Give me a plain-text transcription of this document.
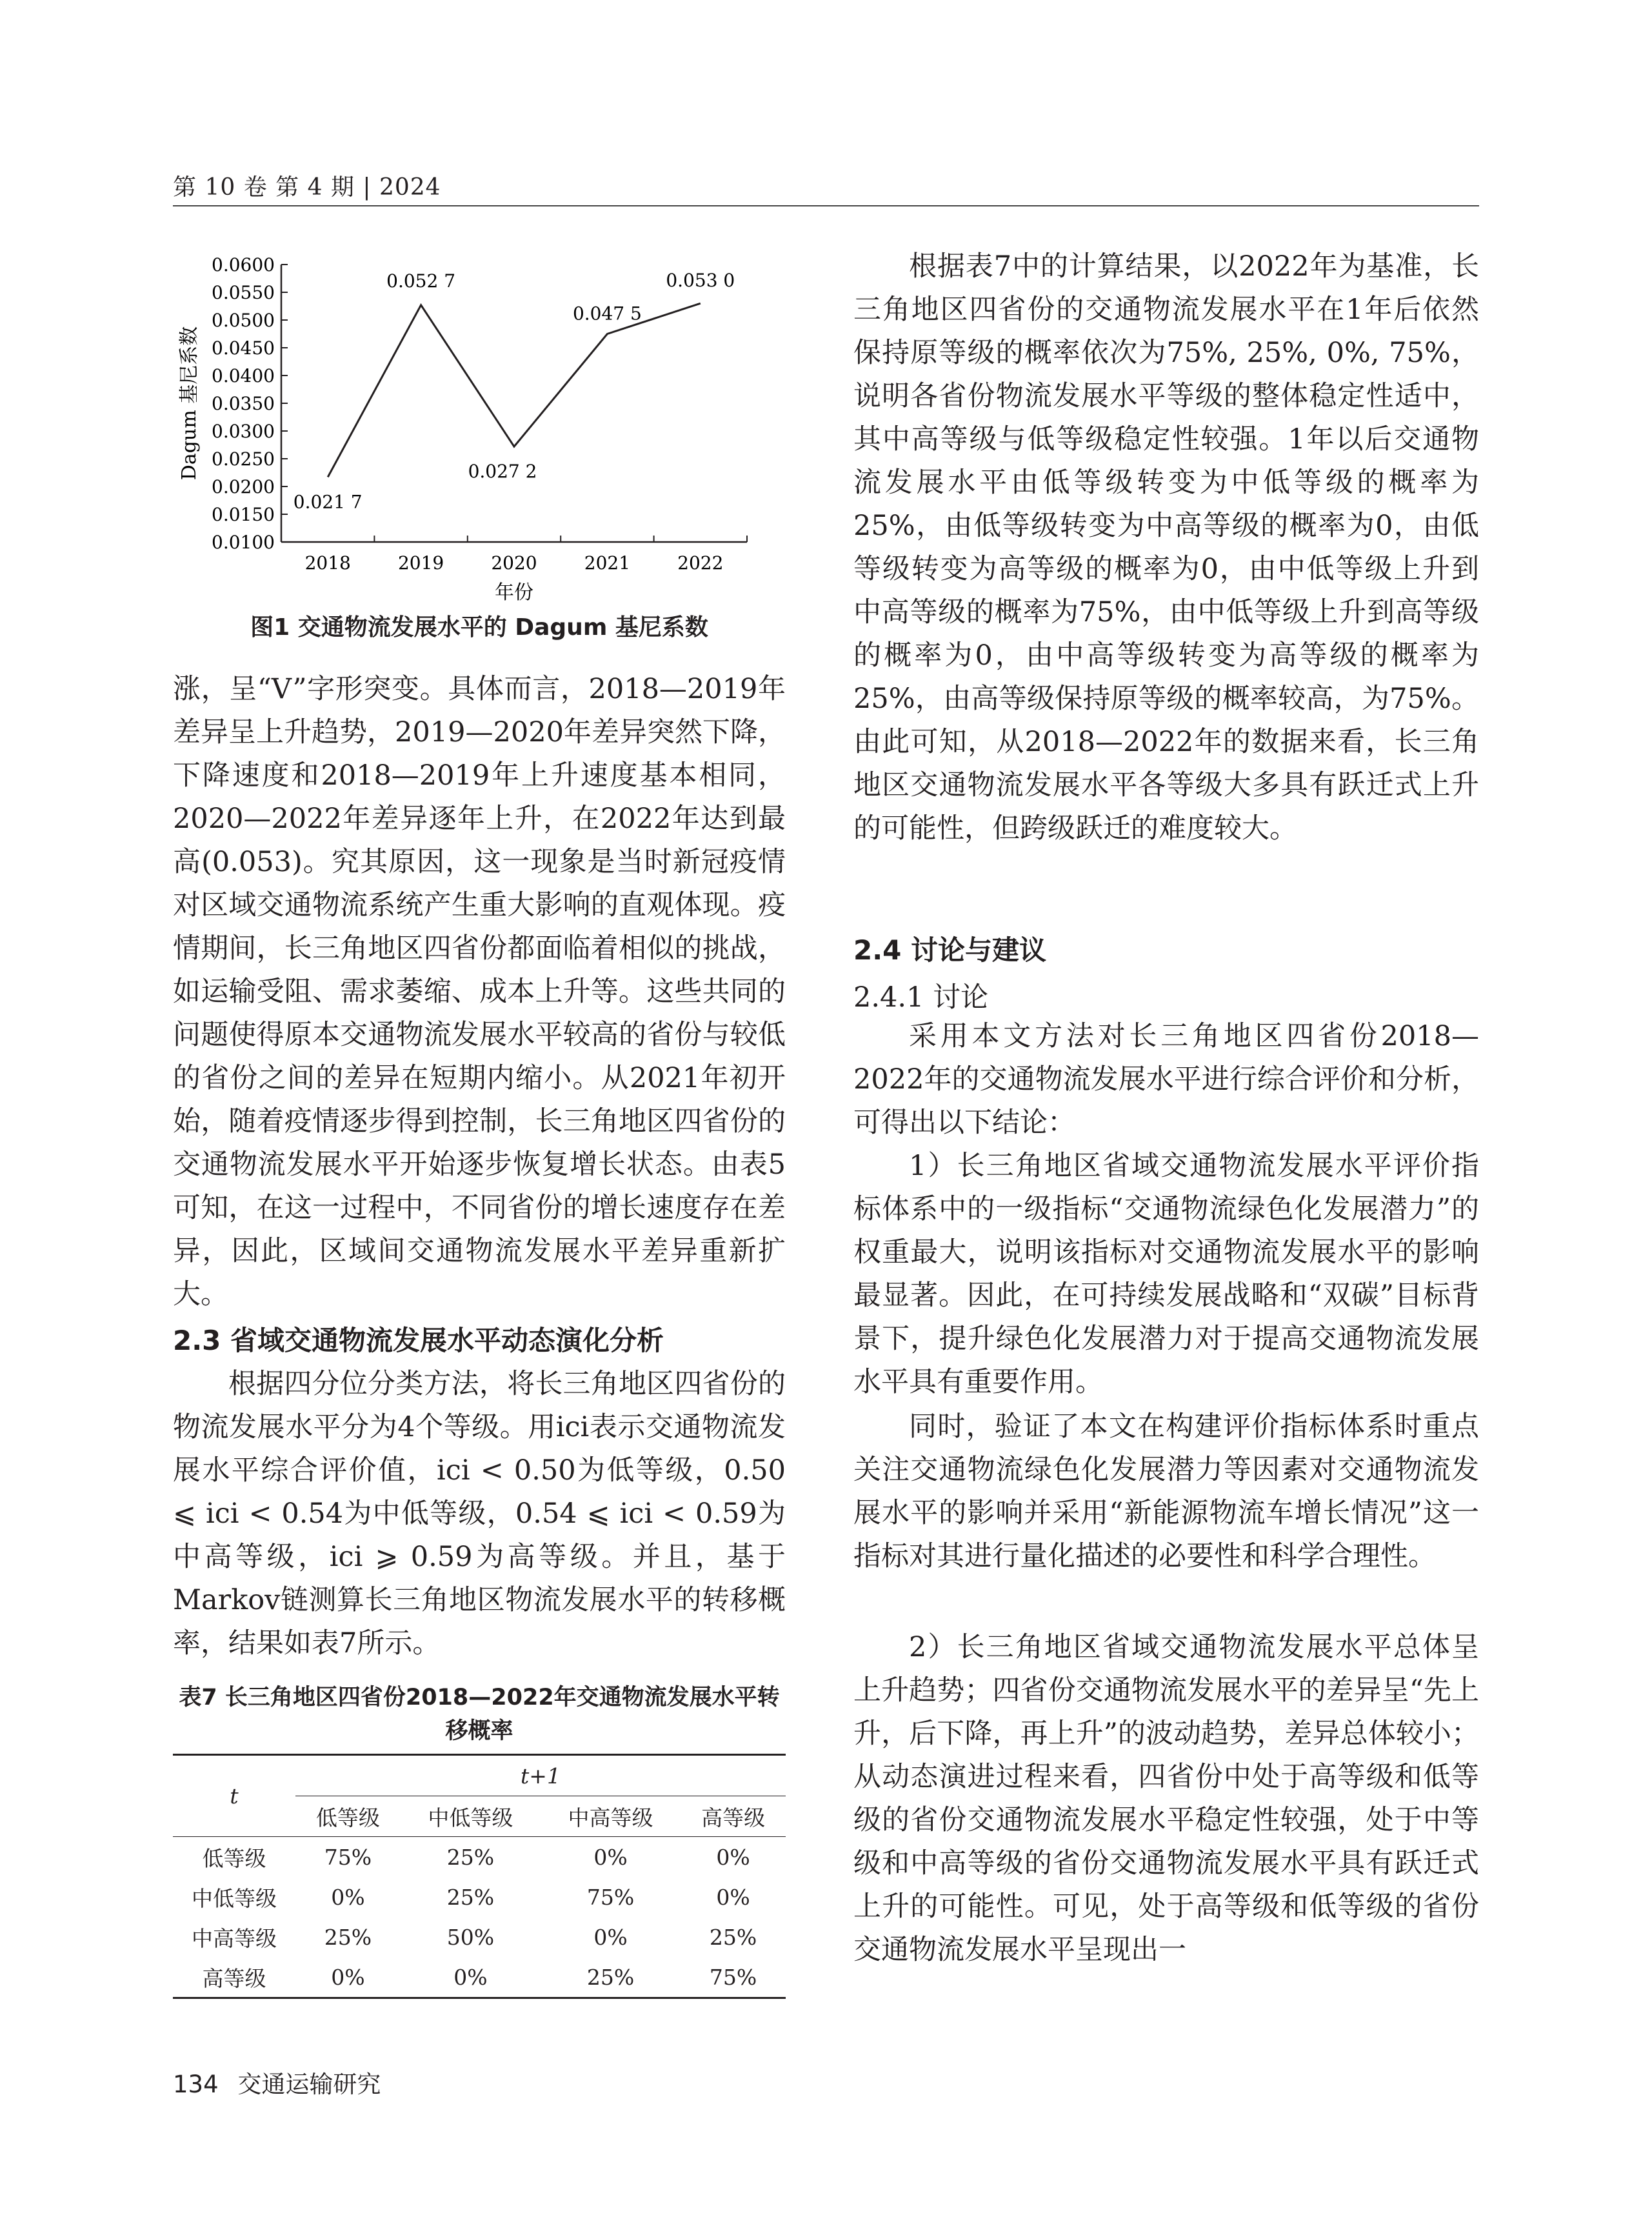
第 10 卷 第 4 期 | 2024
0.0100
0.0150
0.0200
0.0250
0.0300
0.0350
0.0400
0.0450
0.0500
0.0550
0.0600
2018	2019	2020	2021	2022
0.021 7
0.052 7
0.027 2
0.047 5
0.053 0
年份
Dagum 基尼系数
图1 交通物流发展水平的 Dagum 基尼系数

涨，呈“V”字形突变。具体而言，2018—2019年差异呈上升趋势，2019—2020年差异突然下降，下降速度和2018—2019年上升速度基本相同，2020—2022年差异逐年上升，在2022年达到最高(0.053)。究其原因，这一现象是当时新冠疫情对区域交通物流系统产生重大影响的直观体现。疫情期间，长三角地区四省份都面临着相似的挑战，如运输受阻、需求萎缩、成本上升等。这些共同的问题使得原本交通物流发展水平较高的省份与较低的省份之间的差异在短期内缩小。从2021年初开始，随着疫情逐步得到控制，长三角地区四省份的交通物流发展水平开始逐步恢复增长状态。由表5可知，在这一过程中，不同省份的增长速度存在差异，因此，区域间交通物流发展水平差异重新扩大。

2.3 省域交通物流发展水平动态演化分析

根据四分位分类方法，将长三角地区四省份的物流发展水平分为4个等级。用ici表示交通物流发展水平综合评价值，ici < 0.50为低等级，0.50 ⩽ ici < 0.54为中低等级，0.54 ⩽ ici < 0.59为中高等级，ici ⩾ 0.59为高等级。并且，基于Markov链测算长三角地区物流发展水平的转移概率，结果如表7所示。

表7 长三角地区四省份2018—2022年交通物流发展水平转移概率
t	t+1			
	低等级	中低等级	中高等级	高等级
低等级	75%	25%	0%	0%
中低等级	0%	25%	75%	0%
中高等级	25%	50%	0%	25%
高等级	0%	0%	25%	75%

根据表7中的计算结果，以2022年为基准，长三角地区四省份的交通物流发展水平在1年后依然保持原等级的概率依次为75%, 25%, 0%, 75%，说明各省份物流发展水平等级的整体稳定性适中，其中高等级与低等级稳定性较强。1年以后交通物流发展水平由低等级转变为中低等级的概率为25%，由低等级转变为中高等级的概率为0，由低等级转变为高等级的概率为0，由中低等级上升到中高等级的概率为75%，由中低等级上升到高等级的概率为0，由中高等级转变为高等级的概率为25%，由高等级保持原等级的概率较高，为75%。由此可知，从2018—2022年的数据来看，长三角地区交通物流发展水平各等级大多具有跃迁式上升的可能性，但跨级跃迁的难度较大。

2.4 讨论与建议

2.4.1 讨论

采用本文方法对长三角地区四省份2018—2022年的交通物流发展水平进行综合评价和分析，可得出以下结论：

1）长三角地区省域交通物流发展水平评价指标体系中的一级指标“交通物流绿色化发展潜力”的权重最大，说明该指标对交通物流发展水平的影响最显著。因此，在可持续发展战略和“双碳”目标背景下，提升绿色化发展潜力对于提高交通物流发展水平具有重要作用。

同时，验证了本文在构建评价指标体系时重点关注交通物流绿色化发展潜力等因素对交通物流发展水平的影响并采用“新能源物流车增长情况”这一指标对其进行量化描述的必要性和科学合理性。

2）长三角地区省域交通物流发展水平总体呈上升趋势；四省份交通物流发展水平的差异呈“先上升，后下降，再上升”的波动趋势，差异总体较小；从动态演进过程来看，四省份中处于高等级和低等级的省份交通物流发展水平稳定性较强，处于中等级和中高等级的省份交通物流发展水平具有跃迁式上升的可能性。可见，处于高等级和低等级的省份交通物流发展水平呈现出一

134 交通运输研究
